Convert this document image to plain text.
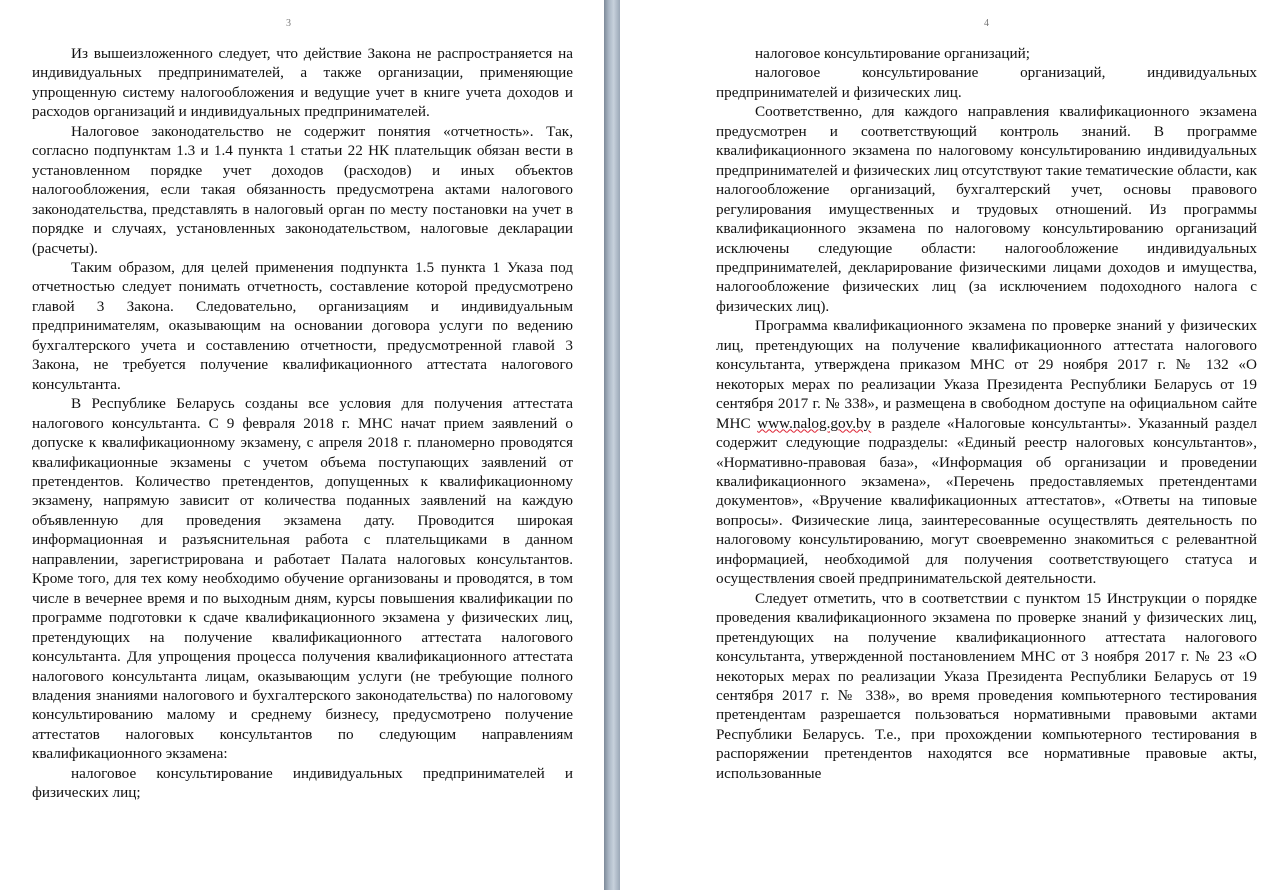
3

Из вышеизложенного следует, что действие Закона не распространяется на индивидуальных предпринимателей, а также организации, применяющие упрощенную систему налогообложения и ведущие учет в книге учета доходов и расходов организаций и индивидуальных предпринимателей.

Налоговое законодательство не содержит понятия «отчетность». Так, согласно подпунктам 1.3 и 1.4 пункта 1 статьи 22 НК плательщик обязан вести в установленном порядке учет доходов (расходов) и иных объектов налогообложения, если такая обязанность предусмотрена актами налогового законодательства, представлять в налоговый орган по месту постановки на учет в порядке и случаях, установленных законодательством, налоговые декларации (расчеты).

Таким образом, для целей применения подпункта 1.5 пункта 1 Указа под отчетностью следует понимать отчетность, составление которой предусмотрено главой 3 Закона. Следовательно, организациям и индивидуальным предпринимателям, оказывающим на основании договора услуги по ведению бухгалтерского учета и составлению отчетности, предусмотренной главой 3 Закона, не требуется получение квалификационного аттестата налогового консультанта.

В Республике Беларусь созданы все условия для получения аттестата налогового консультанта. С 9 февраля 2018 г. МНС начат прием заявлений о допуске к квалификационному экзамену, с апреля 2018 г. планомерно проводятся квалификационные экзамены с учетом объема поступающих заявлений от претендентов. Количество претендентов, допущенных к квалификационному экзамену, напрямую зависит от количества поданных заявлений на каждую объявленную для проведения экзамена дату. Проводится широкая информационная и разъяснительная работа с плательщиками в данном направлении, зарегистрирована и работает Палата налоговых консультантов. Кроме того, для тех кому необходимо обучение организованы и проводятся, в том числе в вечернее время и по выходным дням, курсы повышения квалификации по программе подготовки к сдаче квалификационного экзамена у физических лиц, претендующих на получение квалификационного аттестата налогового консультанта. Для упрощения процесса получения квалификационного аттестата налогового консультанта лицам, оказывающим услуги (не требующие полного владения знаниями налогового и бухгалтерского законодательства) по налоговому консультированию малому и среднему бизнесу, предусмотрено получение аттестатов налоговых консультантов по следующим направлениям квалификационного экзамена:

налоговое консультирование индивидуальных предпринимателей и физических лиц;

4

налоговое консультирование организаций;

налоговое консультирование организаций, индивидуальных предпринимателей и физических лиц.

Соответственно, для каждого направления квалификационного экзамена предусмотрен и соответствующий контроль знаний. В программе квалификационного экзамена по налоговому консультированию индивидуальных предпринимателей и физических лиц отсутствуют такие тематические области, как налогообложение организаций, бухгалтерский учет, основы правового регулирования имущественных и трудовых отношений. Из программы квалификационного экзамена по налоговому консультированию организаций исключены следующие области: налогообложение индивидуальных предпринимателей, декларирование физическими лицами доходов и имущества, налогообложение физических лиц (за исключением подоходного налога с физических лиц).

Программа квалификационного экзамена по проверке знаний у физических лиц, претендующих на получение квалификационного аттестата налогового консультанта, утверждена приказом МНС от 29 ноября 2017 г. № 132 «О некоторых мерах по реализации Указа Президента Республики Беларусь от 19 сентября 2017 г. № 338», и размещена в свободном доступе на официальном сайте МНС www.nalog.gov.by в разделе «Налоговые консультанты». Указанный раздел содержит следующие подразделы: «Единый реестр налоговых консультантов», «Нормативно-правовая база», «Информация об организации и проведении квалификационного экзамена», «Перечень предоставляемых претендентами документов», «Вручение квалификационных аттестатов», «Ответы на типовые вопросы». Физические лица, заинтересованные осуществлять деятельность по налоговому консультированию, могут своевременно знакомиться с релевантной информацией, необходимой для получения соответствующего статуса и осуществления своей предпринимательской деятельности.

Следует отметить, что в соответствии с пунктом 15 Инструкции о порядке проведения квалификационного экзамена по проверке знаний у физических лиц, претендующих на получение квалификационного аттестата налогового консультанта, утвержденной постановлением МНС от 3 ноября 2017 г. № 23 «О некоторых мерах по реализации Указа Президента Республики Беларусь от 19 сентября 2017 г. № 338», во время проведения компьютерного тестирования претендентам разрешается пользоваться нормативными правовыми актами Республики Беларусь. Т.е., при прохождении компьютерного тестирования в распоряжении претендентов находятся все нормативные правовые акты, использованные
